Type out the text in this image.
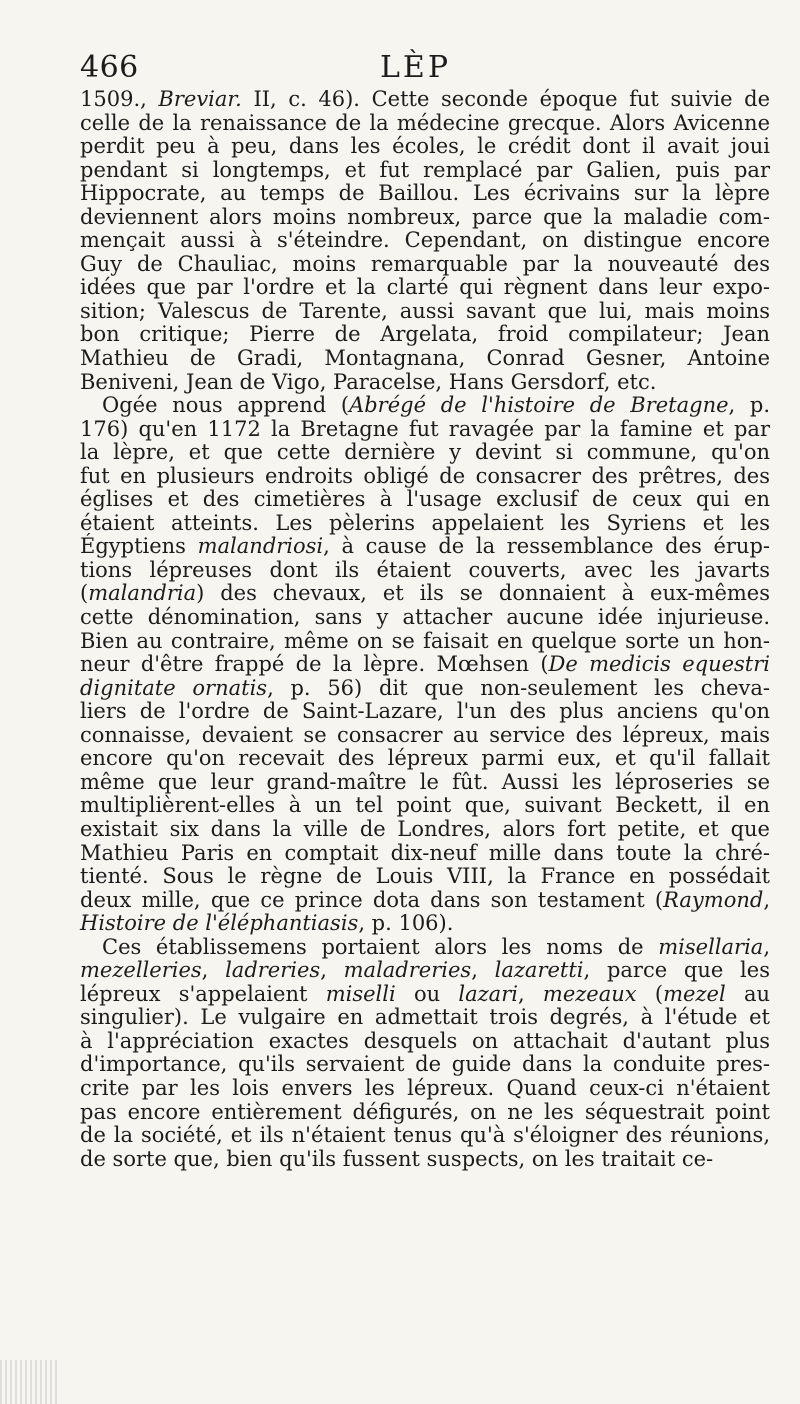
466	LÈP
1509., Breviar. II, c. 46). Cette seconde époque fut suivie de
celle de la renaissance de la médecine grecque. Alors Avicenne
perdit peu à peu, dans les écoles, le crédit dont il avait joui
pendant si longtemps, et fut remplacé par Galien, puis par
Hippocrate, au temps de Baillou. Les écrivains sur la lèpre
deviennent alors moins nombreux, parce que la maladie com-
mençait aussi à s'éteindre. Cependant, on distingue encore
Guy de Chauliac, moins remarquable par la nouveauté des
idées que par l'ordre et la clarté qui règnent dans leur expo-
sition; Valescus de Tarente, aussi savant que lui, mais moins
bon critique; Pierre de Argelata, froid compilateur; Jean
Mathieu de Gradi, Montagnana, Conrad Gesner, Antoine
Beniveni, Jean de Vigo, Paracelse, Hans Gersdorf, etc.
Ogée nous apprend (Abrégé de l'histoire de Bretagne, p.
176) qu'en 1172 la Bretagne fut ravagée par la famine et par
la lèpre, et que cette dernière y devint si commune, qu'on
fut en plusieurs endroits obligé de consacrer des prêtres, des
églises et des cimetières à l'usage exclusif de ceux qui en
étaient atteints. Les pèlerins appelaient les Syriens et les
Égyptiens malandriosi, à cause de la ressemblance des érup-
tions lépreuses dont ils étaient couverts, avec les javarts
(malandria) des chevaux, et ils se donnaient à eux-mêmes
cette dénomination, sans y attacher aucune idée injurieuse.
Bien au contraire, même on se faisait en quelque sorte un hon-
neur d'être frappé de la lèpre. Mœhsen (De medicis equestri
dignitate ornatis, p. 56) dit que non-seulement les cheva-
liers de l'ordre de Saint-Lazare, l'un des plus anciens qu'on
connaisse, devaient se consacrer au service des lépreux, mais
encore qu'on recevait des lépreux parmi eux, et qu'il fallait
même que leur grand-maître le fût. Aussi les léproseries se
multiplièrent-elles à un tel point que, suivant Beckett, il en
existait six dans la ville de Londres, alors fort petite, et que
Mathieu Paris en comptait dix-neuf mille dans toute la chré-
tienté. Sous le règne de Louis VIII, la France en possédait
deux mille, que ce prince dota dans son testament (Raymond,
Histoire de l'éléphantiasis, p. 106).
Ces établissemens portaient alors les noms de misellaria,
mezelleries, ladreries, maladreries, lazaretti, parce que les
lépreux s'appelaient miselli ou lazari, mezeaux (mezel au
singulier). Le vulgaire en admettait trois degrés, à l'étude et
à l'appréciation exactes desquels on attachait d'autant plus
d'importance, qu'ils servaient de guide dans la conduite pres-
crite par les lois envers les lépreux. Quand ceux-ci n'étaient
pas encore entièrement défigurés, on ne les séquestrait point
de la société, et ils n'étaient tenus qu'à s'éloigner des réunions,
de sorte que, bien qu'ils fussent suspects, on les traitait ce-
